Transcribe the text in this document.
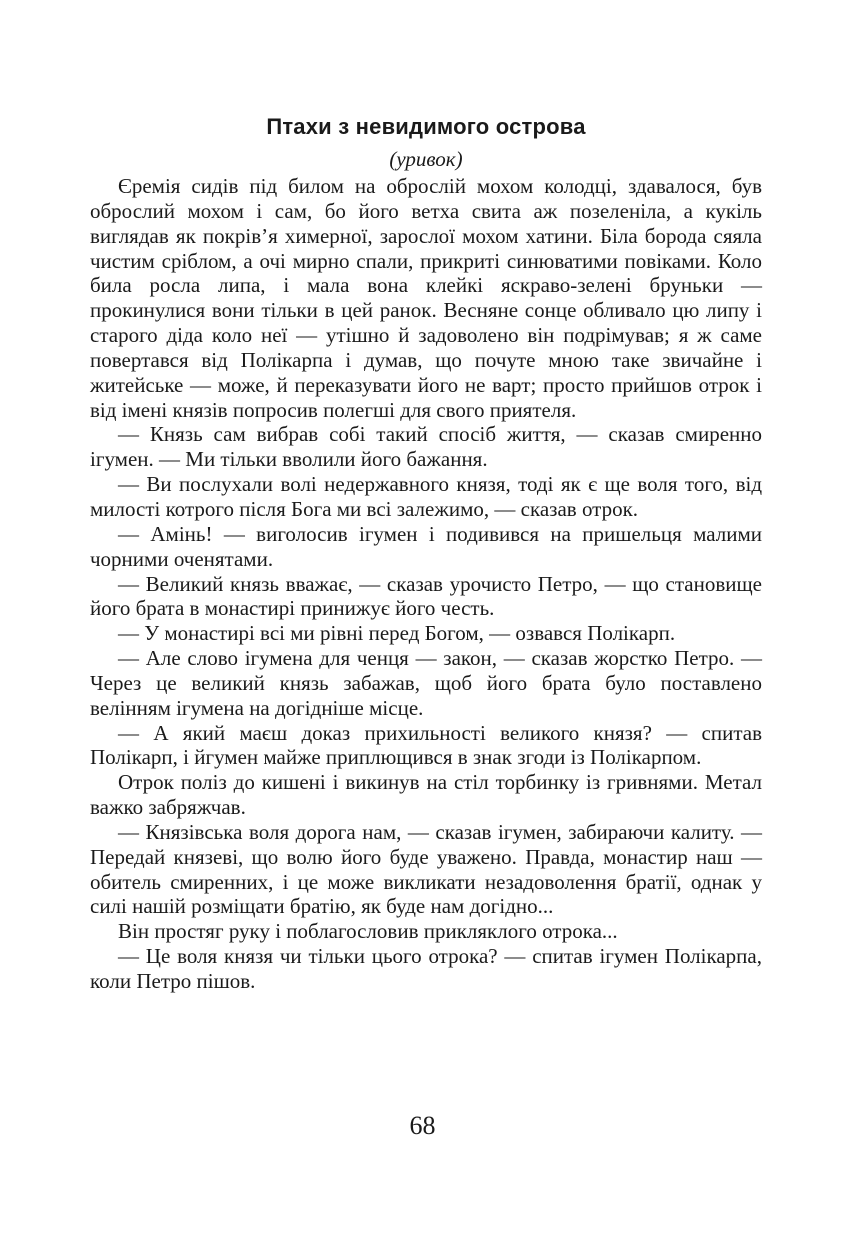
Птахи з невидимого острова
(уривок)

Єремія сидів під билом на оброслій мохом колодці, здавалося, був оброслий мохом і сам, бо його ветха свита аж позеленіла, а кукіль виглядав як покрів’я химерної, зарослої мохом хатини. Біла борода сяяла чистим сріблом, а очі мирно спали, прикриті синюватими повіками. Коло била росла липа, і мала вона клейкі яскраво-зелені бруньки — прокинулися вони тільки в цей ранок. Весняне сонце обливало цю липу і старого діда коло неї — утішно й задоволено він подрімував; я ж саме повертався від Полікарпа і думав, що почуте мною таке звичайне і житейське — може, й переказувати його не варт; просто прийшов отрок і від імені князів попросив полегші для свого приятеля.

— Князь сам вибрав собі такий спосіб життя, — сказав смиренно ігумен. — Ми тільки вволили його бажання.

— Ви послухали волі недержавного князя, тоді як є ще воля того, від милості котрого після Бога ми всі залежимо, — сказав отрок.

— Амінь! — виголосив ігумен і подивився на пришельця малими чорними оченятами.

— Великий князь вважає, — сказав урочисто Петро, — що становище його брата в монастирі принижує його честь.

— У монастирі всі ми рівні перед Богом, — озвався Полікарп.

— Але слово ігумена для ченця — закон, — сказав жорстко Петро. — Через це великий князь забажав, щоб його брата було поставлено велінням ігумена на догідніше місце.

— А який маєш доказ прихильності великого князя? — спитав Полікарп, і йгумен майже приплющився в знак згоди із Полікарпом.

Отрок поліз до кишені і викинув на стіл торбинку із гривнями. Метал важко забряжчав.

— Князівська воля дорога нам, — сказав ігумен, забираючи калиту. — Передай князеві, що волю його буде уважено. Правда, монастир наш — обитель смиренних, і це може викликати незадоволення братії, однак у силі нашій розміщати братію, як буде нам догідно...

Він простяг руку і поблагословив прикляклого отрока...

— Це воля князя чи тільки цього отрока? — спитав ігумен Полікарпа, коли Петро пішов.

68
